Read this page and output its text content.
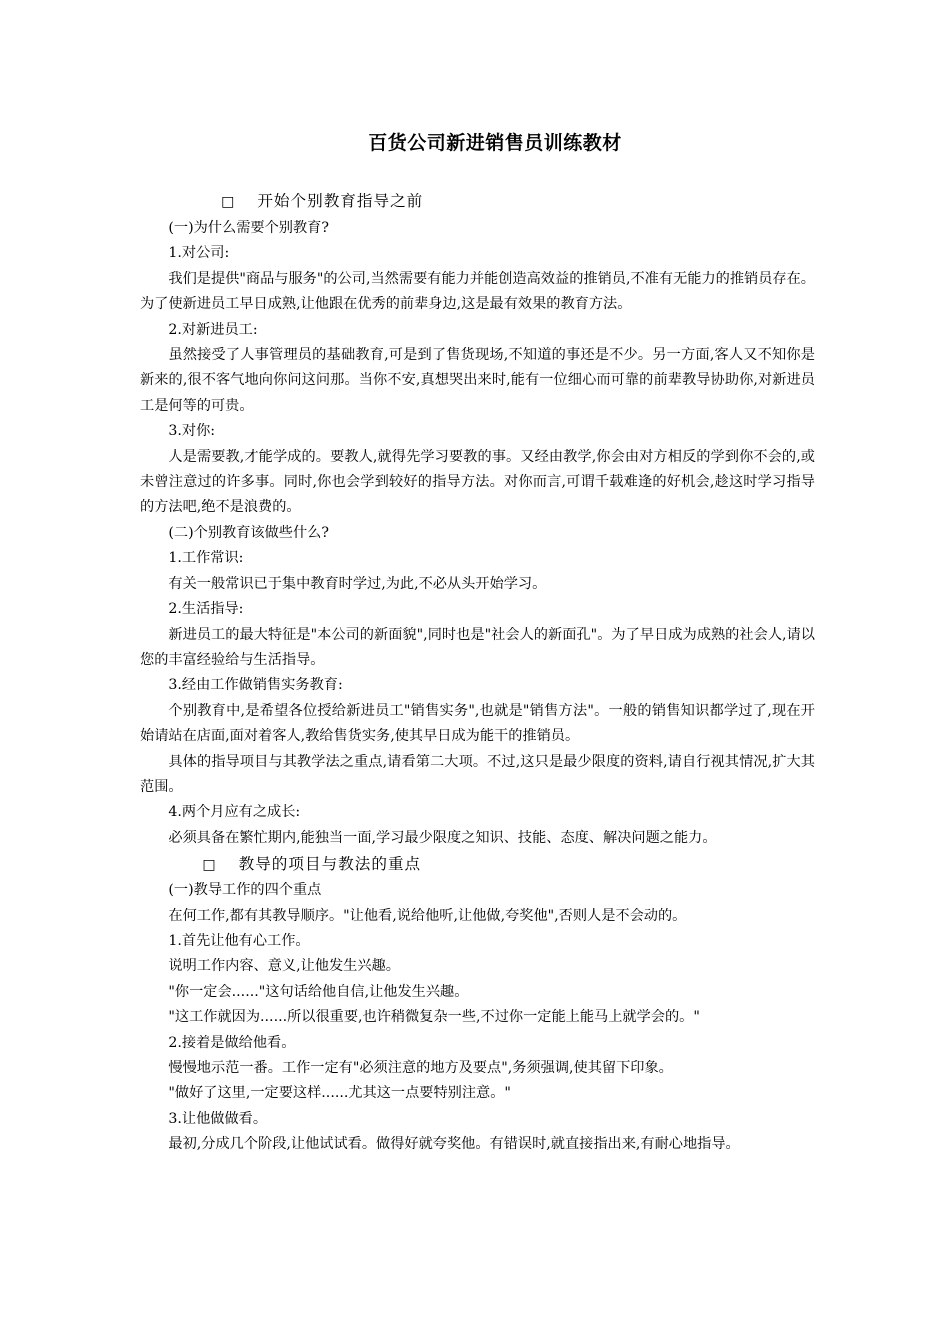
百货公司新进销售员训练教材

□ 开始个别教育指导之前

(一)为什么需要个别教育?

1.对公司:

我们是提供"商品与服务"的公司,当然需要有能力并能创造高效益的推销员,不准有无能力的推销员存在。为了使新进员工早日成熟,让他跟在优秀的前辈身边,这是最有效果的教育方法。

2.对新进员工:

虽然接受了人事管理员的基础教育,可是到了售货现场,不知道的事还是不少。另一方面,客人又不知你是新来的,很不客气地向你问这问那。当你不安,真想哭出来时,能有一位细心而可靠的前辈教导协助你,对新进员工是何等的可贵。

3.对你:

人是需要教,才能学成的。要教人,就得先学习要教的事。又经由教学,你会由对方相反的学到你不会的,或未曾注意过的许多事。同时,你也会学到较好的指导方法。对你而言,可谓千载难逢的好机会,趁这时学习指导的方法吧,绝不是浪费的。

(二)个别教育该做些什么?

1.工作常识:

有关一般常识已于集中教育时学过,为此,不必从头开始学习。

2.生活指导:

新进员工的最大特征是"本公司的新面貌",同时也是"社会人的新面孔"。为了早日成为成熟的社会人,请以您的丰富经验给与生活指导。

3.经由工作做销售实务教育:

个别教育中,是希望各位授给新进员工"销售实务",也就是"销售方法"。一般的销售知识都学过了,现在开始请站在店面,面对着客人,教给售货实务,使其早日成为能干的推销员。

具体的指导项目与其教学法之重点,请看第二大项。不过,这只是最少限度的资料,请自行视其情况,扩大其范围。

4.两个月应有之成长:

必须具备在繁忙期内,能独当一面,学习最少限度之知识、技能、态度、解决问题之能力。

□ 教导的项目与教法的重点

(一)教导工作的四个重点

在何工作,都有其教导顺序。"让他看,说给他听,让他做,夸奖他",否则人是不会动的。

1.首先让他有心工作。

说明工作内容、意义,让他发生兴趣。

"你一定会......"这句话给他自信,让他发生兴趣。

"这工作就因为......所以很重要,也许稍微复杂一些,不过你一定能上能马上就学会的。"

2.接着是做给他看。

慢慢地示范一番。工作一定有"必须注意的地方及要点",务须强调,使其留下印象。

"做好了这里,一定要这样......尤其这一点要特别注意。"

3.让他做做看。

最初,分成几个阶段,让他试试看。做得好就夸奖他。有错误时,就直接指出来,有耐心地指导。
